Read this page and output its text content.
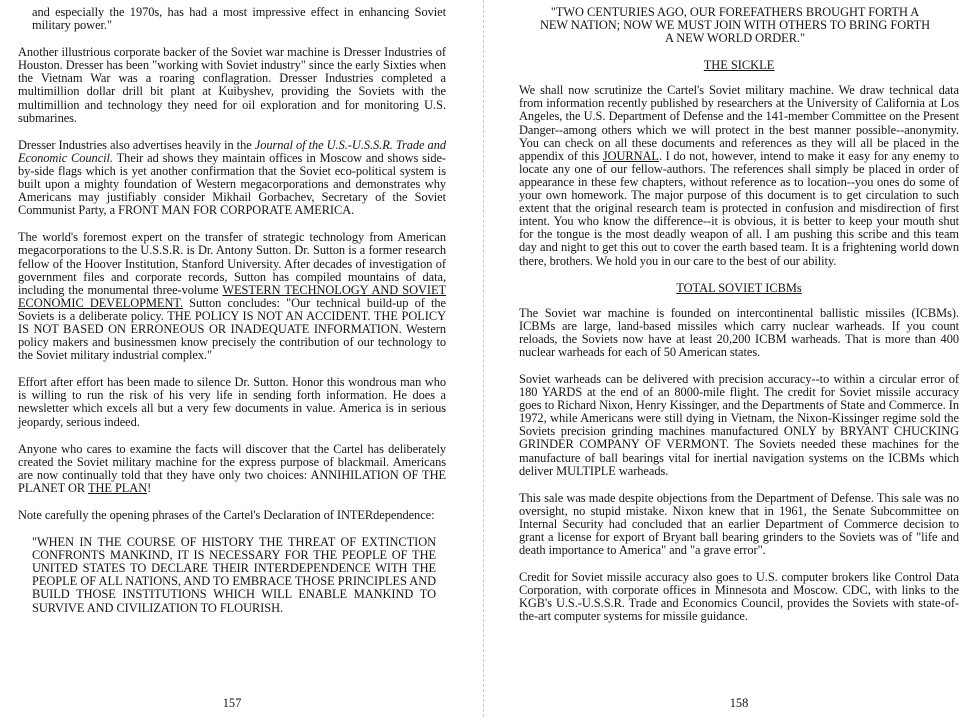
and especially the 1970s, has had a most impressive effect in enhancing Soviet military power."

Another illustrious corporate backer of the Soviet war machine is Dresser Industries of Houston. Dresser has been "working with Soviet industry" since the early Sixties when the Vietnam War was a roaring conflagration. Dresser Industries completed a multimillion dollar drill bit plant at Kuibyshev, providing the Soviets with the multimillion and technology they need for oil exploration and for monitoring U.S. submarines.

Dresser Industries also advertises heavily in the Journal of the U.S.-U.S.S.R. Trade and Economic Council. Their ad shows they maintain offices in Moscow and shows side-by-side flags which is yet another confirmation that the Soviet eco-political system is built upon a mighty foundation of Western megacorporations and demonstrates why Americans may justifiably consider Mikhail Gorbachev, Secretary of the Soviet Communist Party, a FRONT MAN FOR CORPORATE AMERICA.

The world's foremost expert on the transfer of strategic technology from American megacorporations to the U.S.S.R. is Dr. Antony Sutton. Dr. Sutton is a former research fellow of the Hoover Institution, Stanford University. After decades of investigation of government files and corporate records, Sutton has compiled mountains of data, including the monumental three-volume WESTERN TECHNOLOGY AND SOVIET ECONOMIC DEVELOPMENT. Sutton concludes: "Our technical build-up of the Soviets is a deliberate policy. THE POLICY IS NOT AN ACCIDENT. THE POLICY IS NOT BASED ON ERRONEOUS OR INADEQUATE INFORMATION. Western policy makers and businessmen know precisely the contribution of our technology to the Soviet military industrial complex."

Effort after effort has been made to silence Dr. Sutton. Honor this wondrous man who is willing to run the risk of his very life in sending forth information. He does a newsletter which excels all but a very few documents in value. America is in serious jeopardy, serious indeed.

Anyone who cares to examine the facts will discover that the Cartel has deliberately created the Soviet military machine for the express purpose of blackmail. Americans are now continually told that they have only two choices: ANNIHILATION OF THE PLANET OR THE PLAN!

Note carefully the opening phrases of the Cartel's Declaration of INTERdependence:

"WHEN IN THE COURSE OF HISTORY THE THREAT OF EXTINCTION CONFRONTS MANKIND, IT IS NECESSARY FOR THE PEOPLE OF THE UNITED STATES TO DECLARE THEIR INTERDEPENDENCE WITH THE PEOPLE OF ALL NATIONS, AND TO EMBRACE THOSE PRINCIPLES AND BUILD THOSE INSTITUTIONS WHICH WILL ENABLE MANKIND TO SURVIVE AND CIVILIZATION TO FLOURISH.

157

"TWO CENTURIES AGO, OUR FOREFATHERS BROUGHT FORTH A NEW NATION; NOW WE MUST JOIN WITH OTHERS TO BRING FORTH A NEW WORLD ORDER."

THE SICKLE

We shall now scrutinize the Cartel's Soviet military machine. We draw technical data from information recently published by researchers at the University of California at Los Angeles, the U.S. Department of Defense and the 141-member Committee on the Present Danger--among others which we will protect in the best manner possible--anonymity. You can check on all these documents and references as they will all be placed in the appendix of this JOURNAL. I do not, however, intend to make it easy for any enemy to locate any one of our fellow-authors. The references shall simply be placed in order of appearance in these few chapters, without reference as to location--you ones do some of your own homework. The major purpose of this document is to get circulation to such extent that the original research team is protected in confusion and misdirection of first intent. You who know the difference--it is obvious, it is better to keep your mouth shut for the tongue is the most deadly weapon of all. I am pushing this scribe and this team day and night to get this out to cover the earth based team. It is a frightening world down there, brothers. We hold you in our care to the best of our ability.

TOTAL SOVIET ICBMs

The Soviet war machine is founded on intercontinental ballistic missiles (ICBMs). ICBMs are large, land-based missiles which carry nuclear warheads. If you count reloads, the Soviets now have at least 20,200 ICBM warheads. That is more than 400 nuclear warheads for each of 50 American states.

Soviet warheads can be delivered with precision accuracy--to within a circular error of 180 YARDS at the end of an 8000-mile flight. The credit for Soviet missile accuracy goes to Richard Nixon, Henry Kissinger, and the Departments of State and Commerce. In 1972, while Americans were still dying in Vietnam, the Nixon-Kissinger regime sold the Soviets precision grinding machines manufactured ONLY by BRYANT CHUCKING GRINDER COMPANY OF VERMONT. The Soviets needed these machines for the manufacture of ball bearings vital for inertial navigation systems on the ICBMs which deliver MULTIPLE warheads.

This sale was made despite objections from the Department of Defense. This sale was no oversight, no stupid mistake. Nixon knew that in 1961, the Senate Subcommittee on Internal Security had concluded that an earlier Department of Commerce decision to grant a license for export of Bryant ball bearing grinders to the Soviets was of "life and death importance to America" and "a grave error".

Credit for Soviet missile accuracy also goes to U.S. computer brokers like Control Data Corporation, with corporate offices in Minnesota and Moscow. CDC, with links to the KGB's U.S.-U.S.S.R. Trade and Economics Council, provides the Soviets with state-of-the-art computer systems for missile guidance.

158
